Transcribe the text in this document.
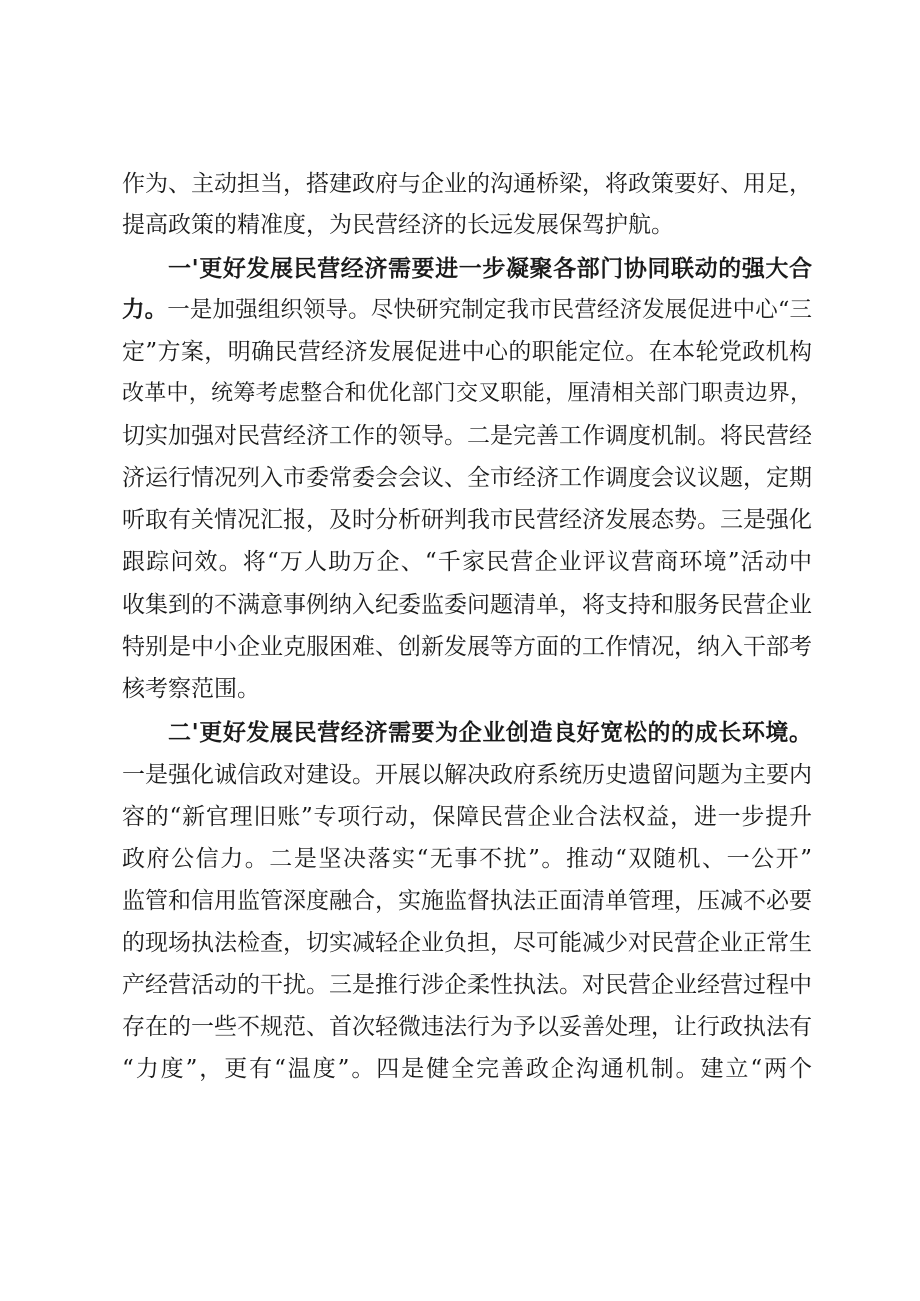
作为、主动担当，搭建政府与企业的沟通桥梁，将政策要好、用足，
提高政策的精准度，为民营经济的长远发展保驾护航。
一'更好发展民营经济需要进一步凝聚各部门协同联动的强大合
力。一是加强组织领导。尽快研究制定我市民营经济发展促进中心“三
定”方案，明确民营经济发展促进中心的职能定位。在本轮党政机构
改革中，统筹考虑整合和优化部门交叉职能，厘清相关部门职责边界，
切实加强对民营经济工作的领导。二是完善工作调度机制。将民营经
济运行情况列入市委常委会会议、全市经济工作调度会议议题，定期
听取有关情况汇报，及时分析研判我市民营经济发展态势。三是强化
跟踪问效。将“万人助万企、“千家民营企业评议营商环境”活动中
收集到的不满意事例纳入纪委监委问题清单，将支持和服务民营企业
特别是中小企业克服困难、创新发展等方面的工作情况，纳入干部考
核考察范围。
二'更好发展民营经济需要为企业创造良好宽松的的成长环境。
一是强化诚信政对建设。开展以解决政府系统历史遗留问题为主要内
容的“新官理旧账”专项行动，保障民营企业合法权益，进一步提升
政府公信力。二是坚决落实“无事不扰”。推动“双随机、一公开”
监管和信用监管深度融合，实施监督执法正面清单管理，压减不必要
的现场执法检查，切实减轻企业负担，尽可能减少对民营企业正常生
产经营活动的干扰。三是推行涉企柔性执法。对民营企业经营过程中
存在的一些不规范、首次轻微违法行为予以妥善处理，让行政执法有
“力度”，更有“温度”。四是健全完善政企沟通机制。建立“两个
